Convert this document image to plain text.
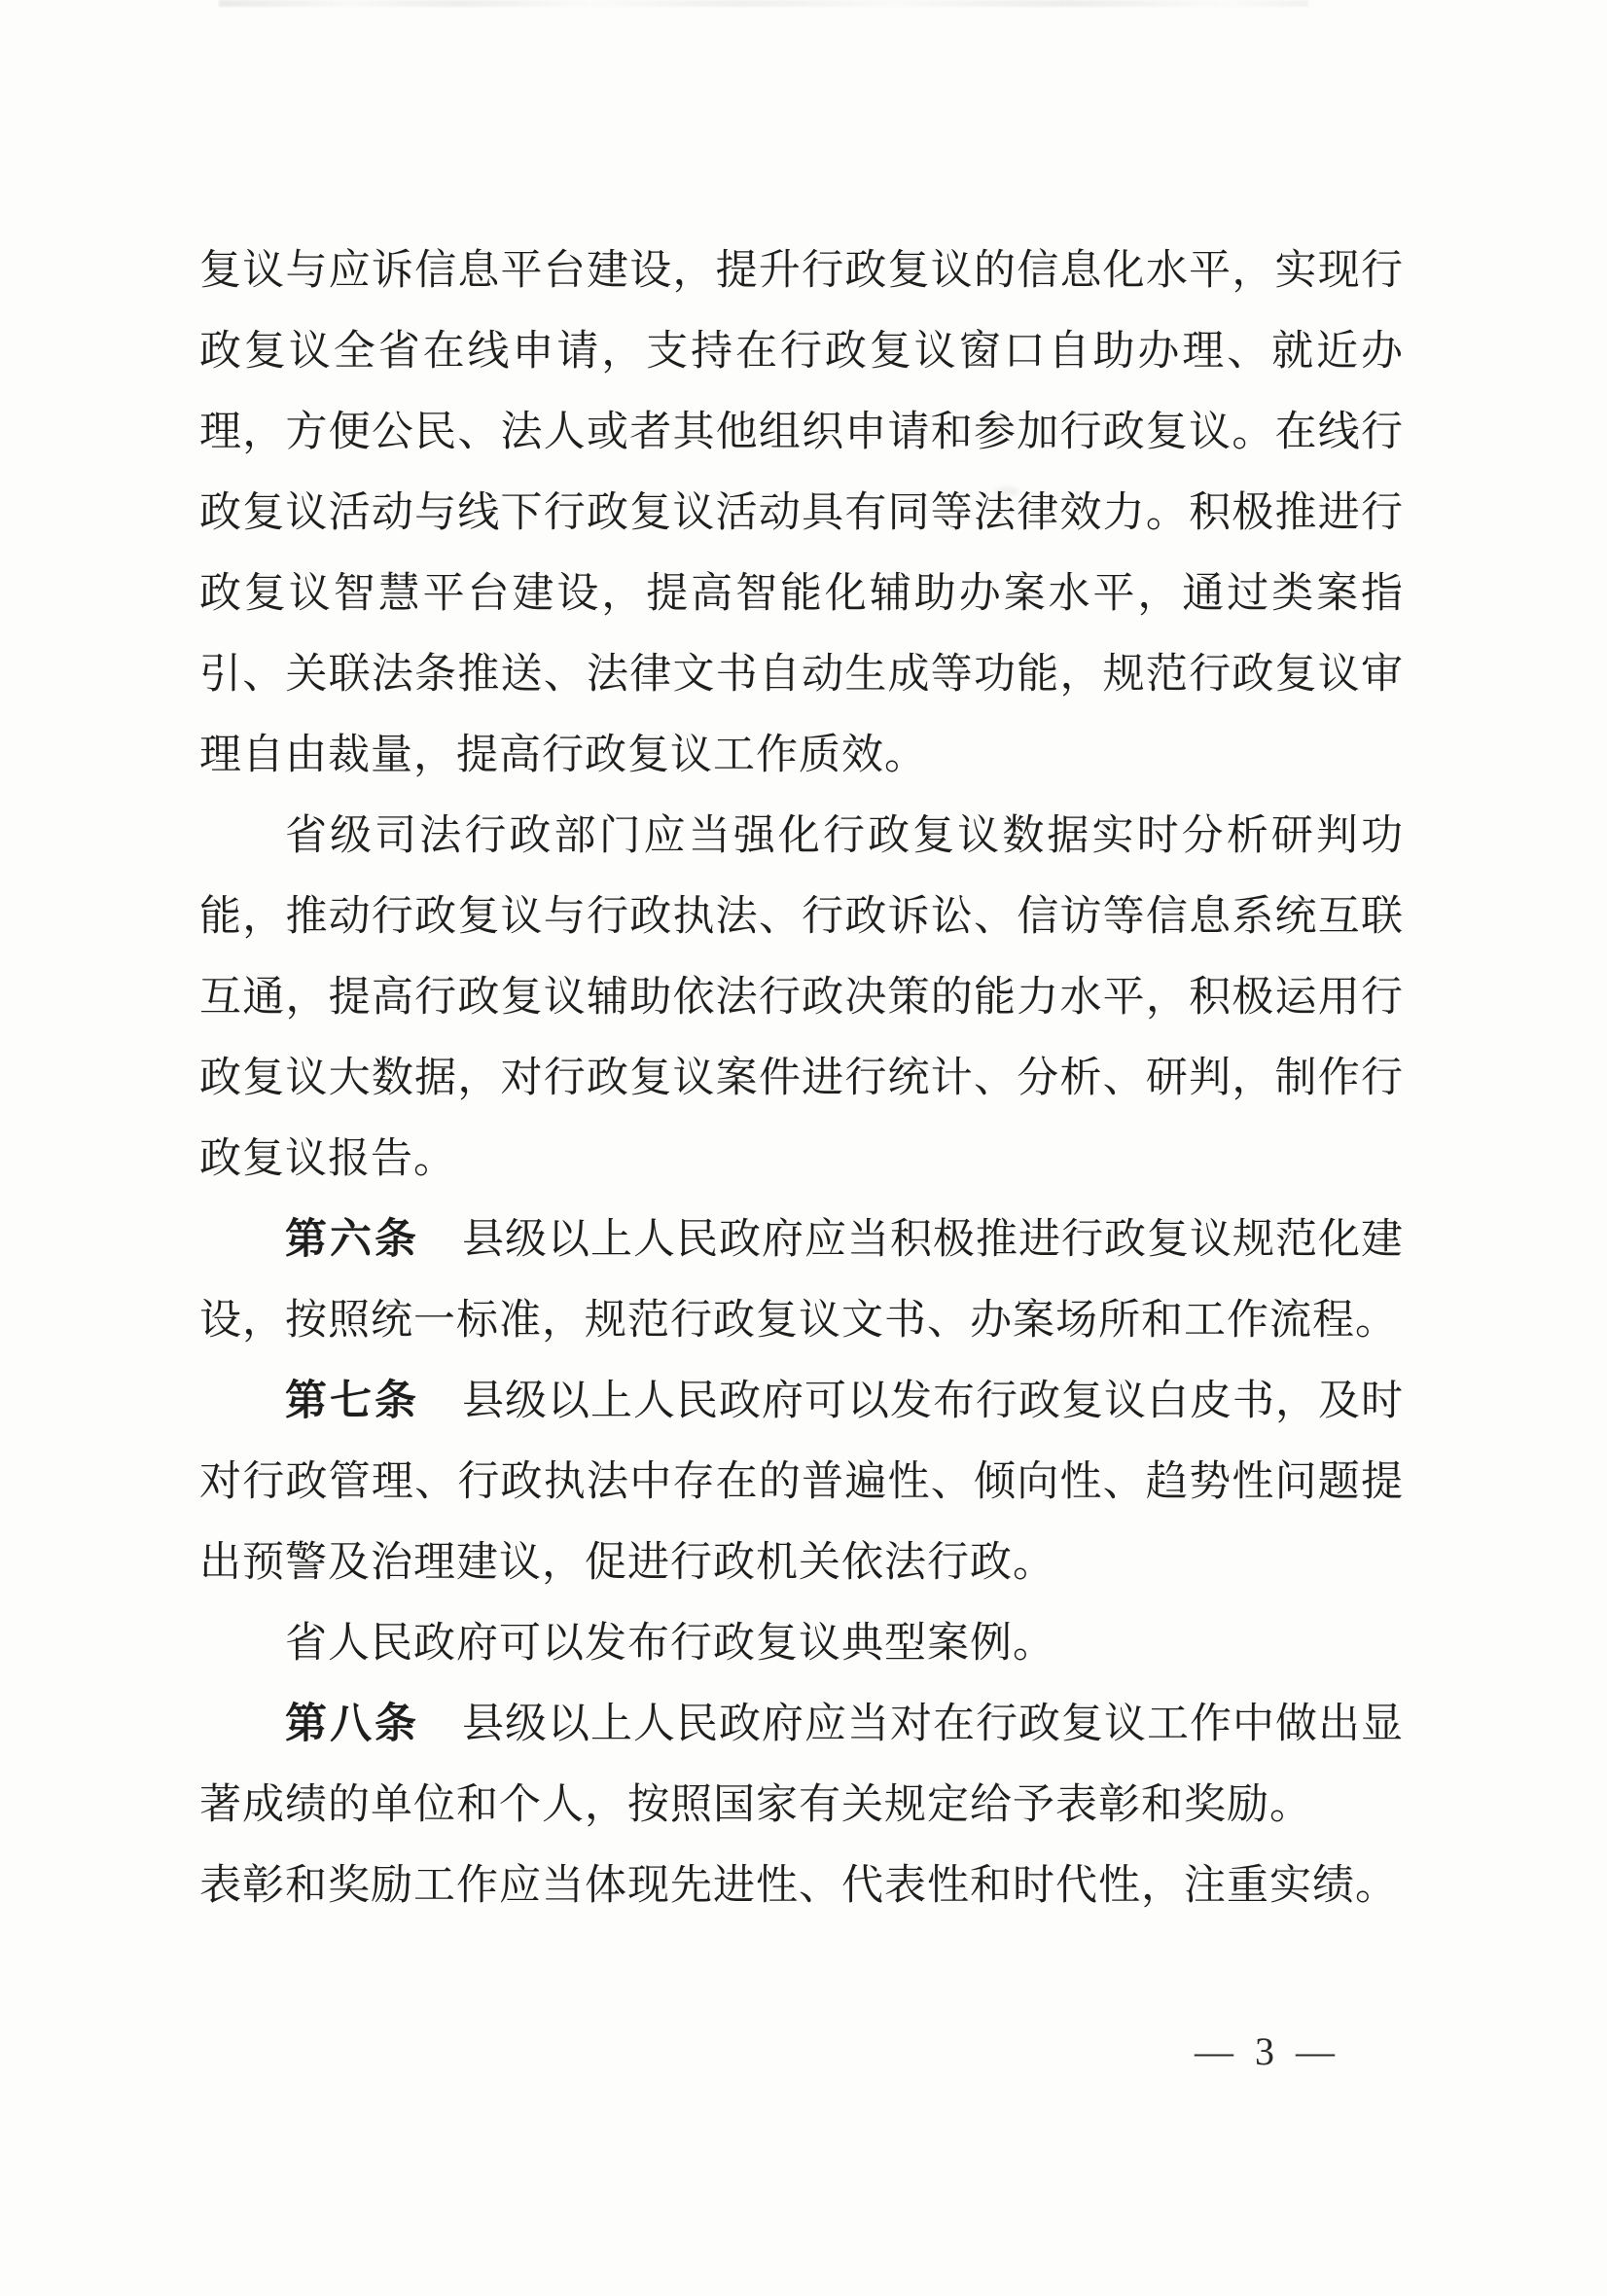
复议与应诉信息平台建设，提升行政复议的信息化水平，实现行政复议全省在线申请，支持在行政复议窗口自助办理、就近办理，方便公民、法人或者其他组织申请和参加行政复议。在线行政复议活动与线下行政复议活动具有同等法律效力。积极推进行政复议智慧平台建设，提高智能化辅助办案水平，通过类案指引、关联法条推送、法律文书自动生成等功能，规范行政复议审理自由裁量，提高行政复议工作质效。

省级司法行政部门应当强化行政复议数据实时分析研判功能，推动行政复议与行政执法、行政诉讼、信访等信息系统互联互通，提高行政复议辅助依法行政决策的能力水平，积极运用行政复议大数据，对行政复议案件进行统计、分析、研判，制作行政复议报告。

第六条　县级以上人民政府应当积极推进行政复议规范化建设，按照统一标准，规范行政复议文书、办案场所和工作流程。

第七条　县级以上人民政府可以发布行政复议白皮书，及时对行政管理、行政执法中存在的普遍性、倾向性、趋势性问题提出预警及治理建议，促进行政机关依法行政。

省人民政府可以发布行政复议典型案例。

第八条　县级以上人民政府应当对在行政复议工作中做出显著成绩的单位和个人，按照国家有关规定给予表彰和奖励。

表彰和奖励工作应当体现先进性、代表性和时代性，注重实绩。

— 3 —
